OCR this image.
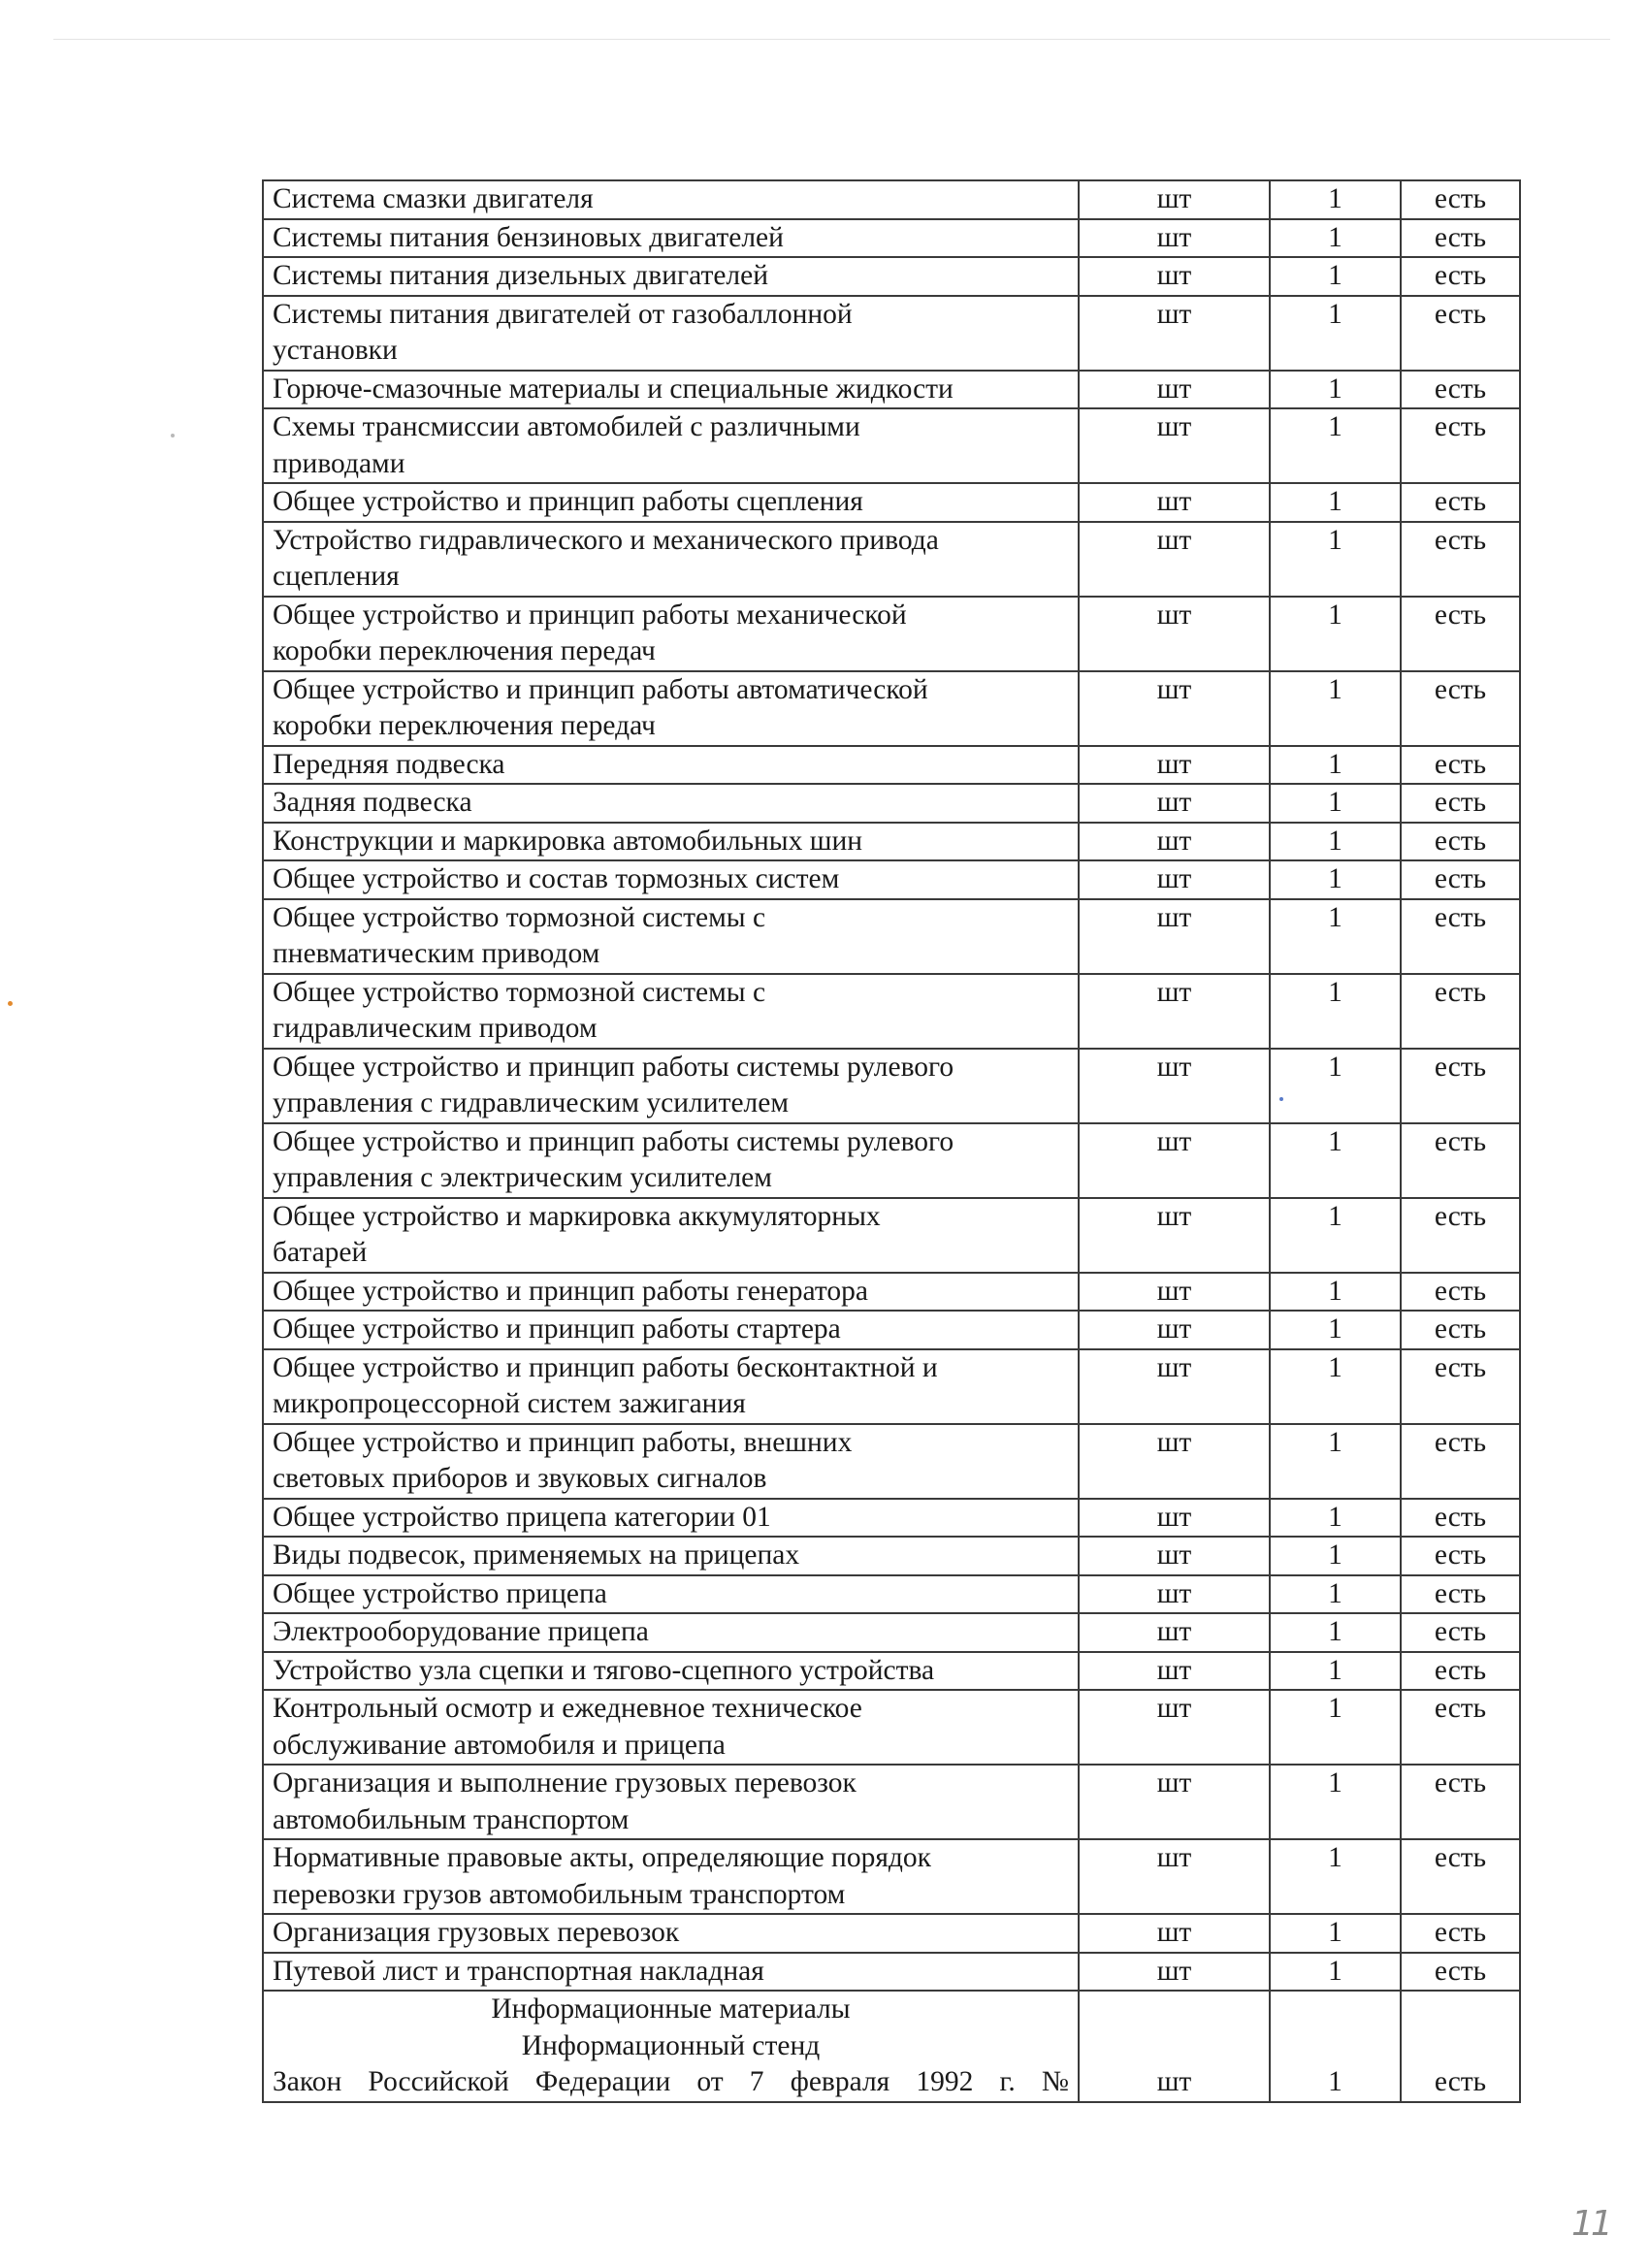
Система смазки двигателя	шт	1	есть

Системы питания бензиновых двигателей	шт	1	есть

Системы питания дизельных двигателей	шт	1	есть

Системы питания двигателей от газобаллонной
установки	шт	1	есть

Горюче-смазочные материалы и специальные жидкости	шт	1	есть

Схемы трансмиссии автомобилей с различными
приводами	шт	1	есть

Общее устройство и принцип работы сцепления	шт	1	есть

Устройство гидравлического и механического привода
сцепления	шт	1	есть

Общее устройство и принцип работы механической
коробки переключения передач	шт	1	есть

Общее устройство и принцип работы автоматической
коробки переключения передач	шт	1	есть

Передняя подвеска	шт	1	есть

Задняя подвеска	шт	1	есть

Конструкции и маркировка автомобильных шин	шт	1	есть

Общее устройство и состав тормозных систем	шт	1	есть

Общее устройство тормозной системы с
пневматическим приводом	шт	1	есть

Общее устройство тормозной системы с
гидравлическим приводом	шт	1	есть

Общее устройство и принцип работы системы рулевого
управления с гидравлическим усилителем	шт	1	есть

Общее устройство и принцип работы системы рулевого
управления с электрическим усилителем	шт	1	есть

Общее устройство и маркировка аккумуляторных
батарей	шт	1	есть

Общее устройство и принцип работы генератора	шт	1	есть

Общее устройство и принцип работы стартера	шт	1	есть

Общее устройство и принцип работы бесконтактной и
микропроцессорной систем зажигания	шт	1	есть

Общее устройство и принцип работы, внешних
световых приборов и звуковых сигналов	шт	1	есть

Общее устройство прицепа категории 01	шт	1	есть

Виды подвесок, применяемых на прицепах	шт	1	есть

Общее устройство прицепа	шт	1	есть

Электрооборудование прицепа	шт	1	есть

Устройство узла сцепки и тягово-сцепного устройства	шт	1	есть

Контрольный осмотр и ежедневное техническое
обслуживание автомобиля и прицепа	шт	1	есть

Организация и выполнение грузовых перевозок
автомобильным транспортом	шт	1	есть

Нормативные правовые акты, определяющие порядок
перевозки грузов автомобильным транспортом	шт	1	есть

Организация грузовых перевозок	шт	1	есть

Путевой лист и транспортная накладная	шт	1	есть

Информационные материалы
Информационный стенд
Закон Российской Федерации от 7 февраля 1992 г. №	шт	1	есть
11
